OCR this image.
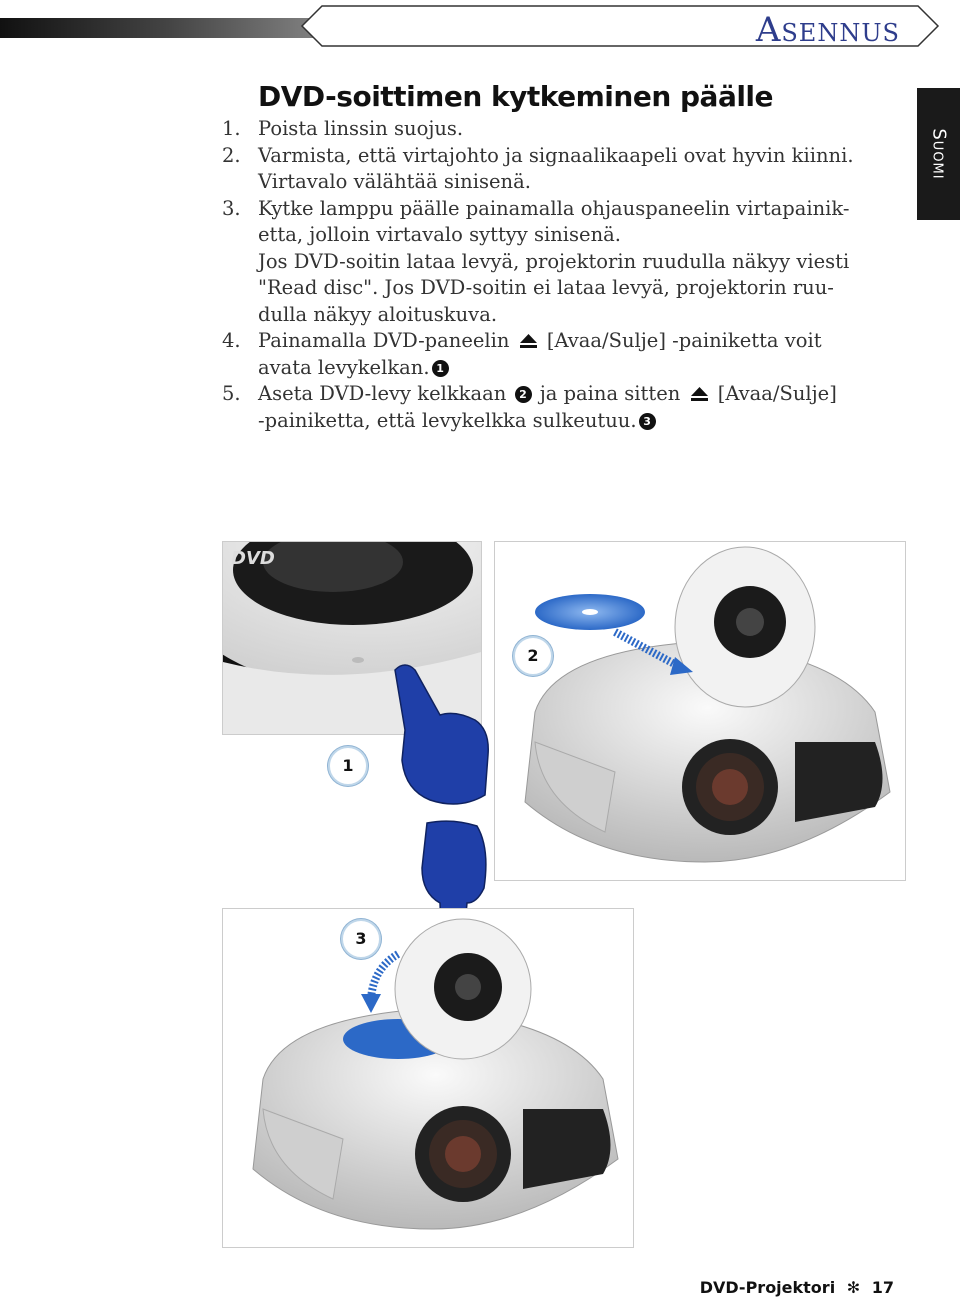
Asennus
Suomi
DVD-soittimen kytkeminen päälle
1. Poista linssin suojus.
2. Varmista, että virtajohto ja signaalikaapeli ovat hyvin kiinni.
Virtavalo välähtää sinisenä.
3. Kytke lamppu päälle painamalla ohjauspaneelin virtapainik-
etta, jolloin virtavalo syttyy sinisenä.
Jos DVD-soitin lataa levyä, projektorin ruudulla näkyy viesti
"Read disc". Jos DVD-soitin ei lataa levyä, projektorin ruu-
dulla näkyy aloituskuva.
4. Painamalla DVD-paneelin [Avaa/Sulje] -painiketta voit
avata levykelkan. 1
5. Aseta DVD-levy kelkkaan 2 ja paina sitten [Avaa/Sulje]
-painiketta, että levykelkka sulkeutuu. 3
DVD
2
1
3
DVD-Projektori ✻ 17
